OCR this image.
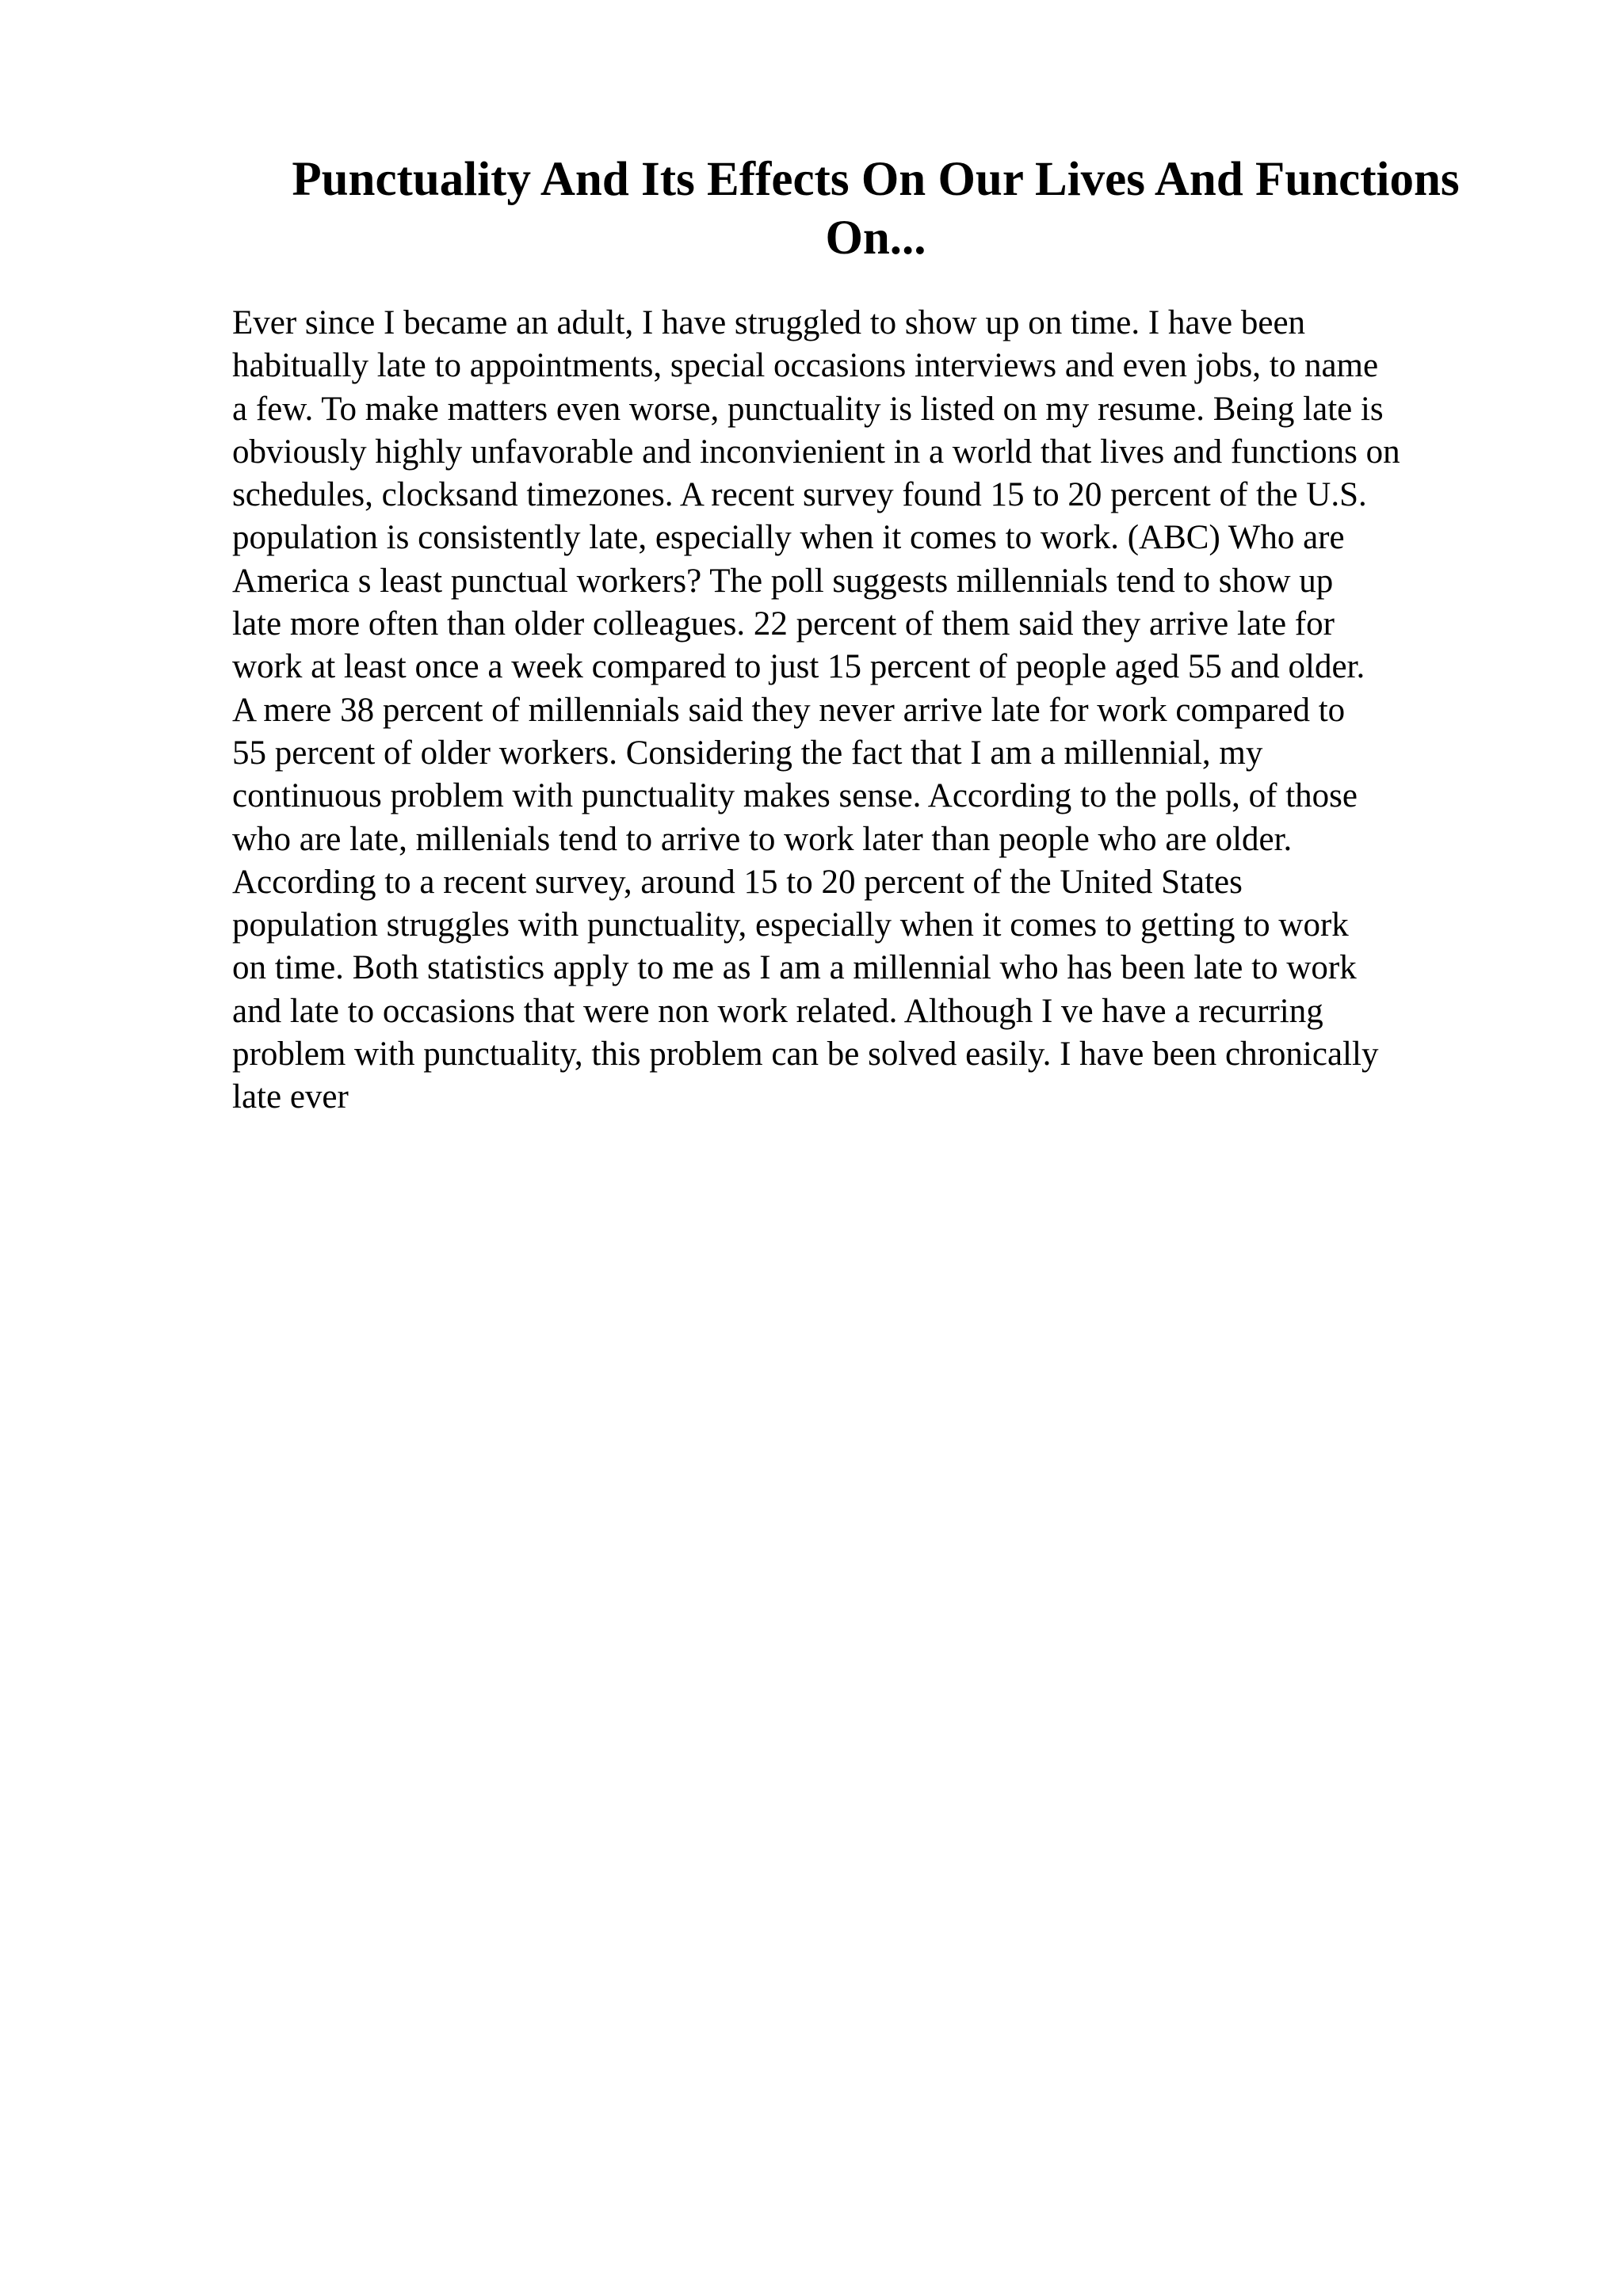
Punctuality And Its Effects On Our Lives And Functions
On...
Ever since I became an adult, I have struggled to show up on time. I have been
habitually late to appointments, special occasions interviews and even jobs, to name
a few. To make matters even worse, punctuality is listed on my resume. Being late is
obviously highly unfavorable and inconvienient in a world that lives and functions on
schedules, clocksand timezones. A recent survey found 15 to 20 percent of the U.S.
population is consistently late, especially when it comes to work. (ABC) Who are
America s least punctual workers? The poll suggests millennials tend to show up
late more often than older colleagues. 22 percent of them said they arrive late for
work at least once a week compared to just 15 percent of people aged 55 and older.
A mere 38 percent of millennials said they never arrive late for work compared to
55 percent of older workers. Considering the fact that I am a millennial, my
continuous problem with punctuality makes sense. According to the polls, of those
who are late, millenials tend to arrive to work later than people who are older.
According to a recent survey, around 15 to 20 percent of the United States
population struggles with punctuality, especially when it comes to getting to work
on time. Both statistics apply to me as I am a millennial who has been late to work
and late to occasions that were non work related. Although I ve have a recurring
problem with punctuality, this problem can be solved easily. I have been chronically
late ever
